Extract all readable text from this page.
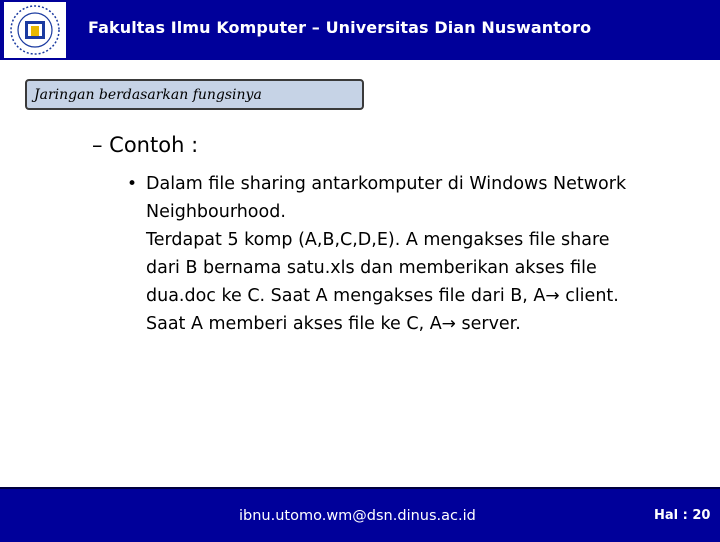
Fakultas Ilmu Komputer – Universitas Dian Nuswantoro
Jaringan berdasarkan fungsinya
– Contoh :
• Dalam file sharing antarkomputer di Windows Network
Neighbourhood.
Terdapat 5 komp (A,B,C,D,E). A mengakses file share
dari B bernama satu.xls dan memberikan akses file
dua.doc ke C. Saat A mengakses file dari B, A→ client.
Saat A memberi akses file ke C, A→ server.
ibnu.utomo.wm@dsn.dinus.ac.id	Hal : 20
